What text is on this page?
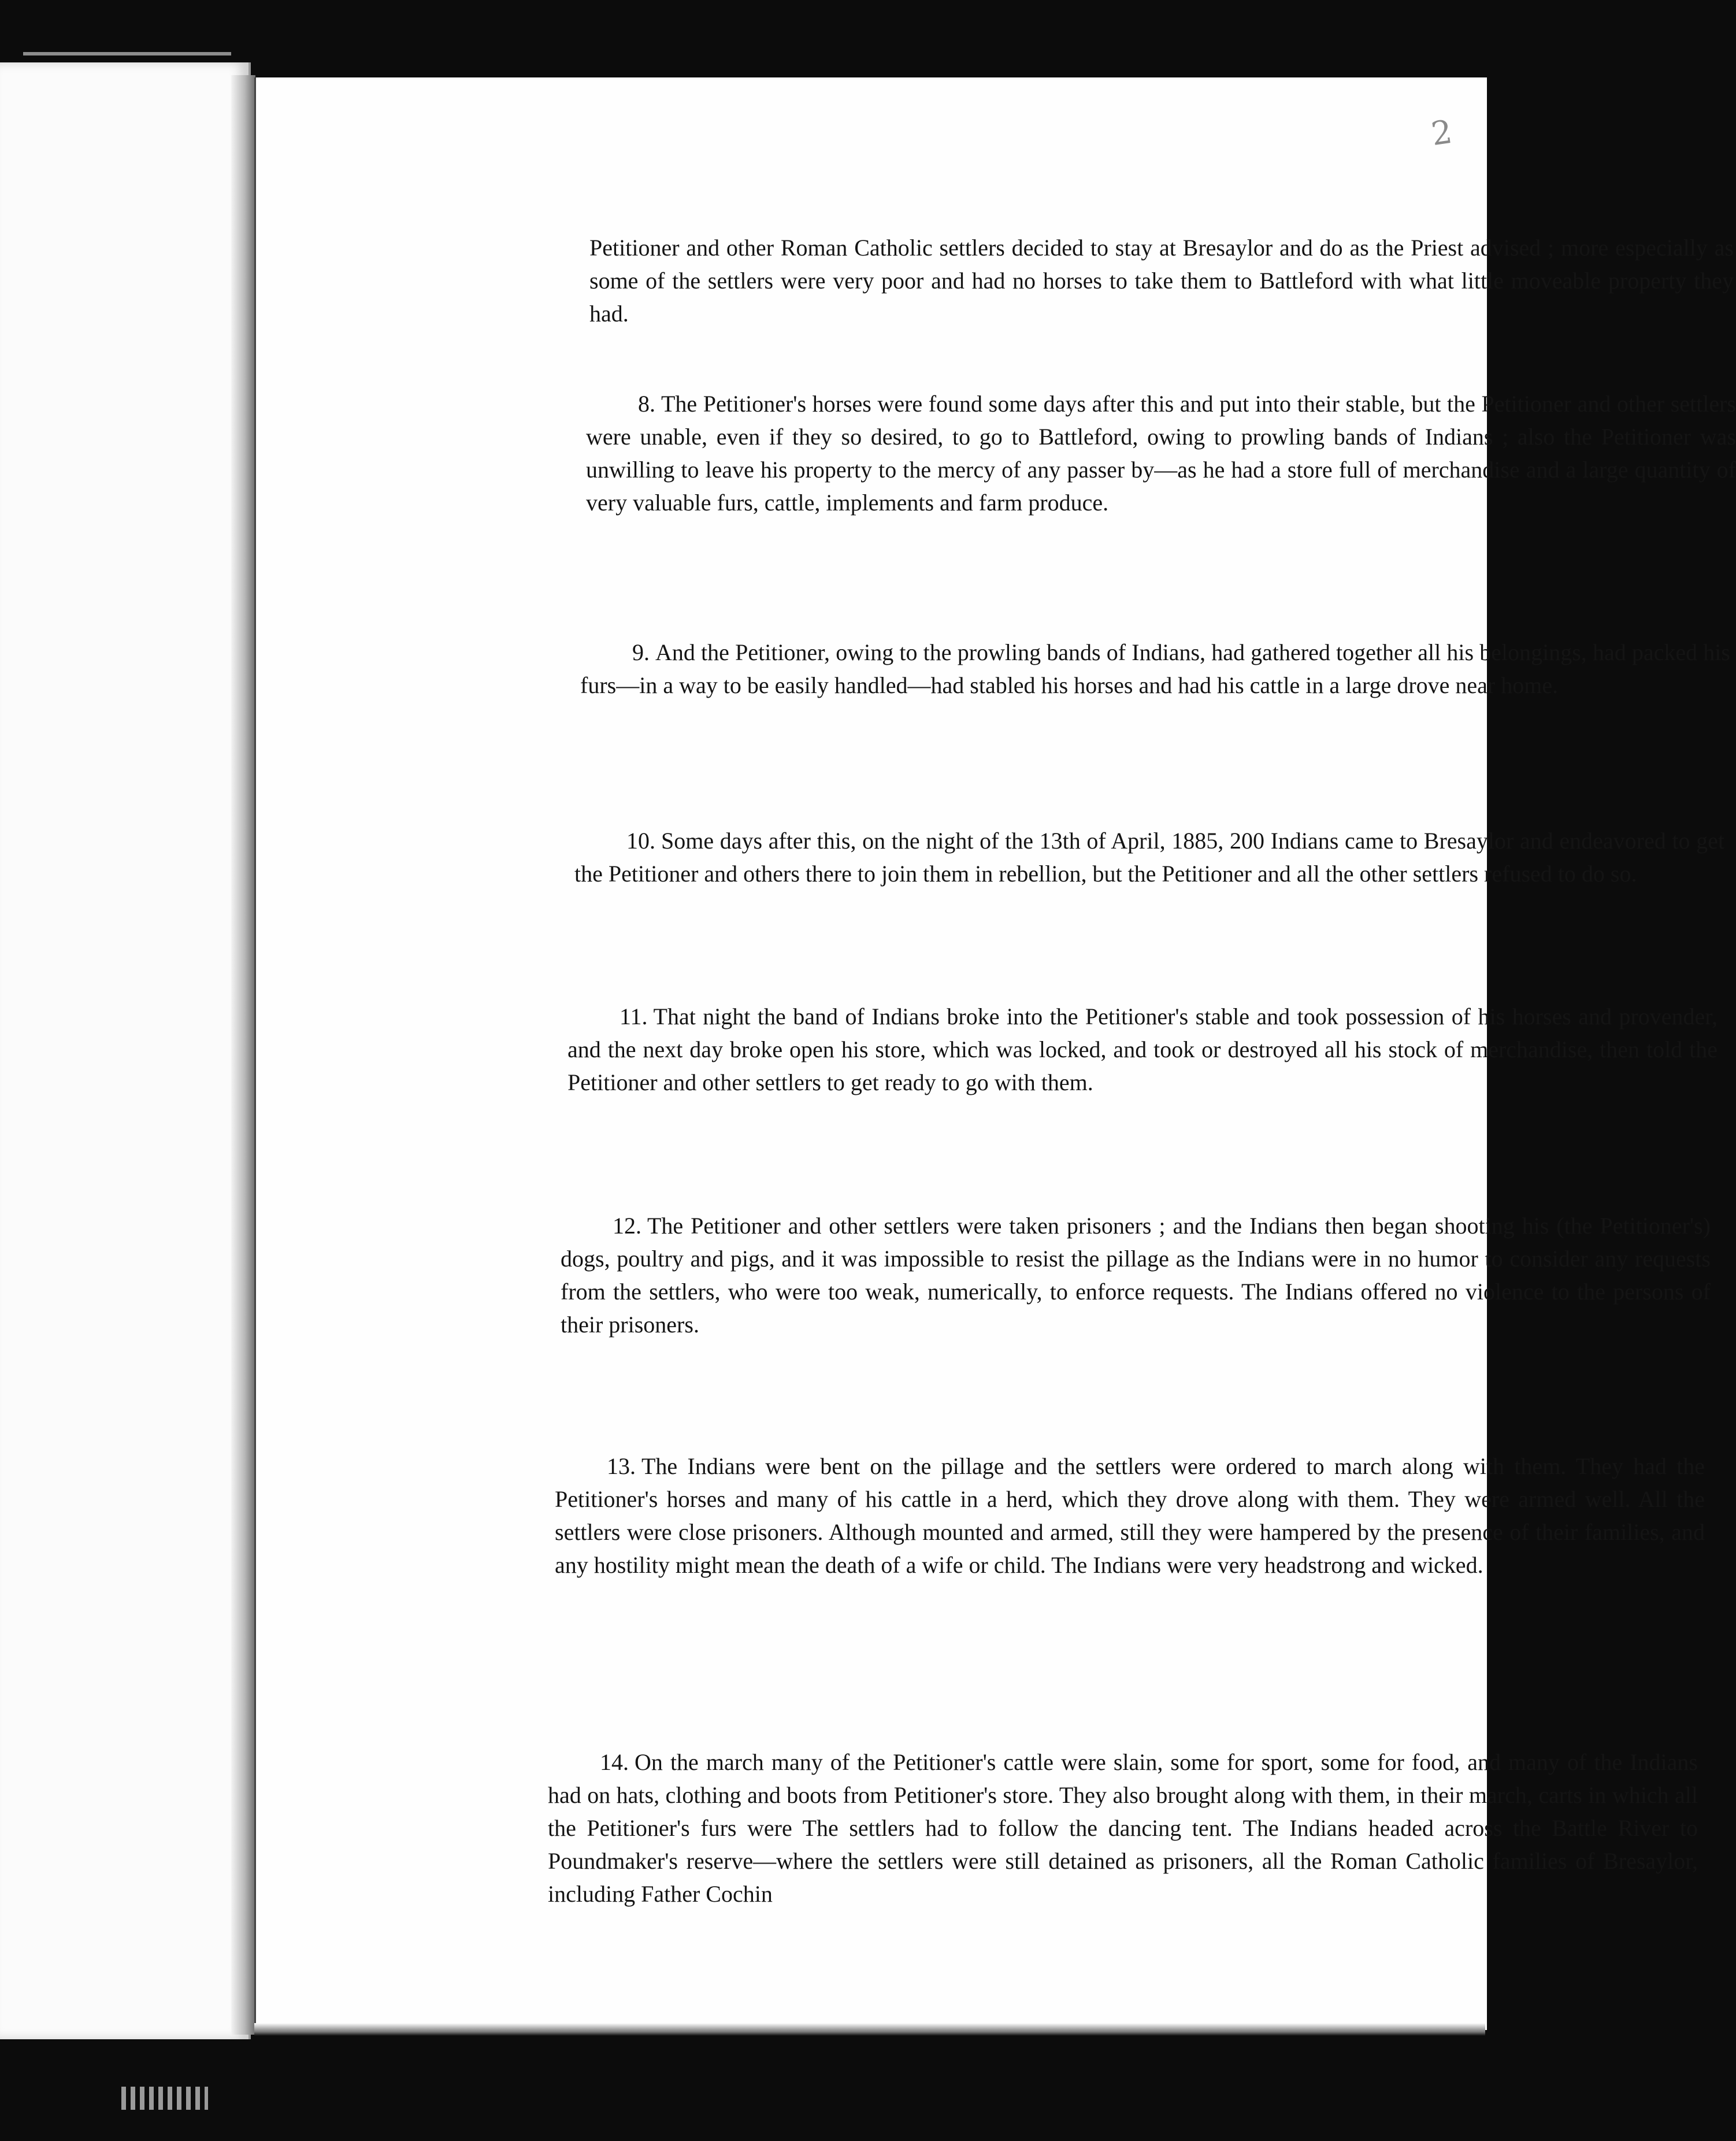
2

Petitioner and other Roman Catholic settlers decided to stay at Bresaylor and do as the Priest advised ; more especially as some of the settlers were very poor and had no horses to take them to Battleford with what little moveable property they had.

8. The Petitioner's horses were found some days after this and put into their stable, but the Petitioner and other settlers were unable, even if they so desired, to go to Battleford, owing to prowling bands of Indians ; also the Petitioner was unwilling to leave his property to the mercy of any passer by—as he had a store full of merchandise and a large quantity of very valuable furs, cattle, implements and farm produce.

9. And the Petitioner, owing to the prowling bands of Indians, had gathered together all his belongings, had packed his furs—in a way to be easily handled—had stabled his horses and had his cattle in a large drove near home.

10. Some days after this, on the night of the 13th of April, 1885, 200 Indians came to Bresaylor and endeavored to get the Petitioner and others there to join them in rebellion, but the Petitioner and all the other settlers refused to do so.

11. That night the band of Indians broke into the Petitioner's stable and took possession of his horses and provender, and the next day broke open his store, which was locked, and took or destroyed all his stock of merchandise, then told the Petitioner and other settlers to get ready to go with them.

12. The Petitioner and other settlers were taken prisoners ; and the Indians then began shooting his (the Petitioner's) dogs, poultry and pigs, and it was impossible to resist the pillage as the Indians were in no humor to consider any requests from the settlers, who were too weak, numerically, to enforce requests. The Indians offered no violence to the persons of their prisoners.

13. The Indians were bent on the pillage and the settlers were ordered to march along with them. They had the Petitioner's horses and many of his cattle in a herd, which they drove along with them. They were armed well. All the settlers were close prisoners. Although mounted and armed, still they were hampered by the presence of their families, and any hostility might mean the death of a wife or child. The Indians were very headstrong and wicked.

14. On the march many of the Petitioner's cattle were slain, some for sport, some for food, and many of the Indians had on hats, clothing and boots from Petitioner's store. They also brought along with them, in their march, carts in which all the Petitioner's furs were The settlers had to follow the dancing tent. The Indians headed across the Battle River to Poundmaker's reserve—where the settlers were still detained as prisoners, all the Roman Catholic families of Bresaylor, including Father Cochin
